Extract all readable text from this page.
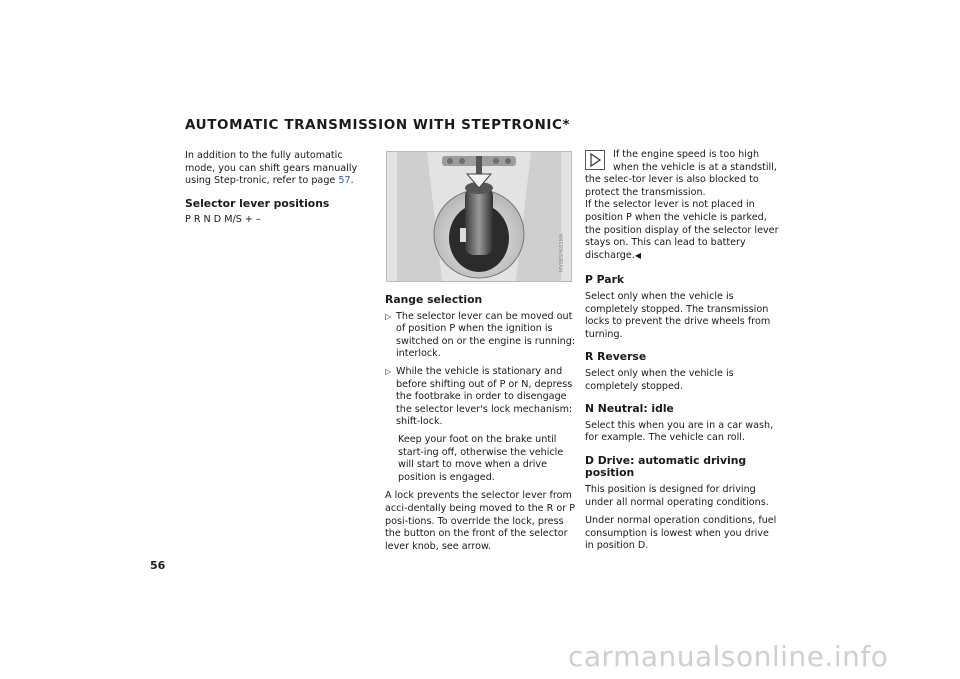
AUTOMATIC TRANSMISSION WITH STEPTRONIC*

In addition to the fully automatic mode, you can shift gears manually using Step-tronic, refer to page 57.

Selector lever positions

P R N D M/S + –

MV08SHK01MA
Range selection
▷ The selector lever can be moved out of position P when the ignition is switched on or the engine is running: interlock.
▷ While the vehicle is stationary and before shifting out of P or N, depress the footbrake in order to disengage the selector lever's lock mechanism: shift-lock.

Keep your foot on the brake until start-ing off, otherwise the vehicle will start to move when a drive position is engaged.

A lock prevents the selector lever from acci-dentally being moved to the R or P posi-tions. To override the lock, press the button on the front of the selector lever knob, see arrow.

If the engine speed is too high when the vehicle is at a standstill, the selec-tor lever is also blocked to protect the transmission.

If the selector lever is not placed in position P when the vehicle is parked, the position display of the selector lever stays on. This can lead to battery discharge.◀

P Park

Select only when the vehicle is completely stopped. The transmission locks to prevent the drive wheels from turning.

R Reverse

Select only when the vehicle is completely stopped.

N Neutral: idle

Select this when you are in a car wash, for example. The vehicle can roll.

D Drive: automatic driving position

This position is designed for driving under all normal operating conditions.

Under normal operation conditions, fuel consumption is lowest when you drive in position D.

56
carmanualsonline.info
